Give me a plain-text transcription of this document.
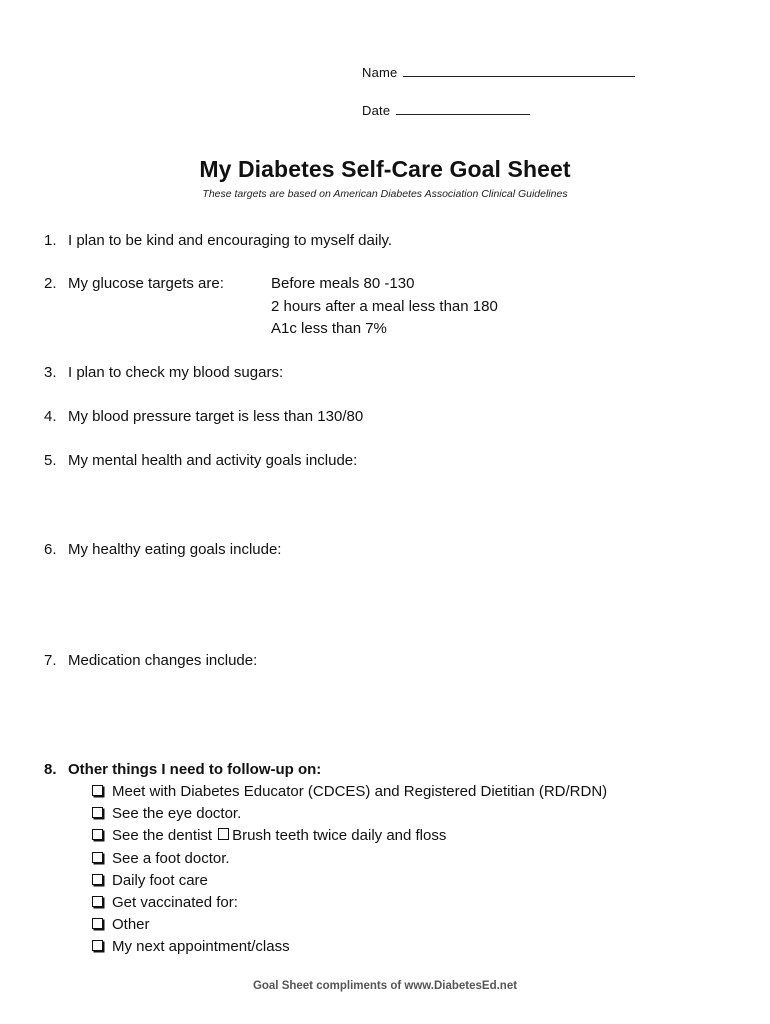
Name
Date
My Diabetes Self-Care Goal Sheet
These targets are based on American Diabetes Association Clinical Guidelines
1. I plan to be kind and encouraging to myself daily.
2. My glucose targets are:	Before meals 80 -130
2 hours after a meal less than 180
A1c less than 7%
3. I plan to check my blood sugars:
4. My blood pressure target is less than 130/80
5. My mental health and activity goals include:
6. My healthy eating goals include:
7. Medication changes include:
8. Other things I need to follow-up on:
Meet with Diabetes Educator (CDCES) and Registered Dietitian (RD/RDN)
See the eye doctor.
See the dentist Brush teeth twice daily and floss
See a foot doctor.
Daily foot care
Get vaccinated for:
Other
My next appointment/class
Goal Sheet compliments of www.DiabetesEd.net
